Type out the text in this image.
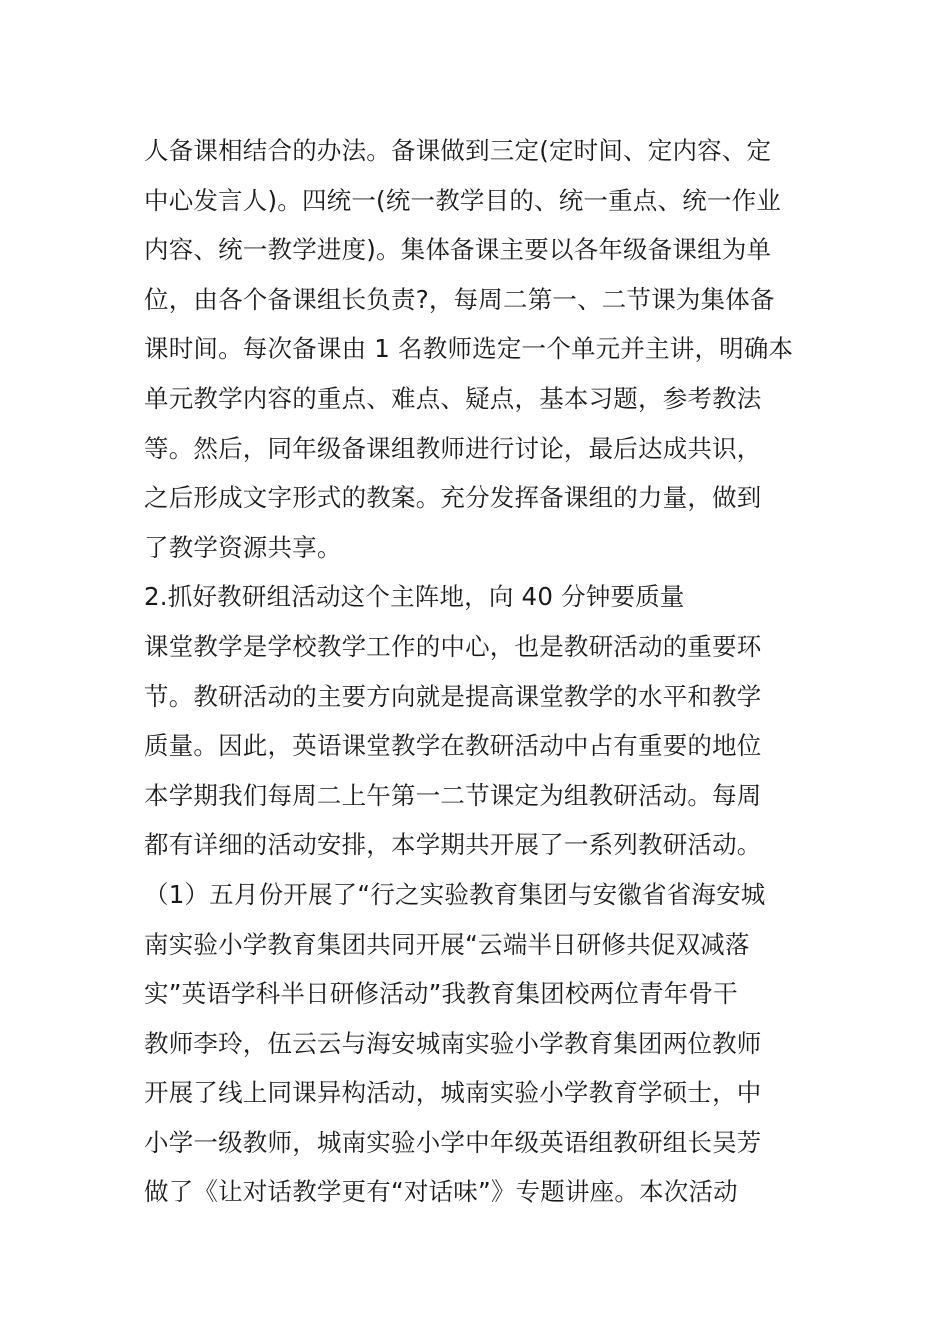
人备课相结合的办法。备课做到三定(定时间、定内容、定
中心发言人)。四统一(统一教学目的、统一重点、统一作业
内容、统一教学进度)。集体备课主要以各年级备课组为单
位，由各个备课组长负责?，每周二第一、二节课为集体备
课时间。每次备课由 1 名教师选定一个单元并主讲，明确本
单元教学内容的重点、难点、疑点，基本习题，参考教法
等。然后，同年级备课组教师进行讨论，最后达成共识，
之后形成文字形式的教案。充分发挥备课组的力量，做到
了教学资源共享。
2.抓好教研组活动这个主阵地，向 40 分钟要质量
课堂教学是学校教学工作的中心，也是教研活动的重要环
节。教研活动的主要方向就是提高课堂教学的水平和教学
质量。因此，英语课堂教学在教研活动中占有重要的地位
本学期我们每周二上午第一二节课定为组教研活动。每周
都有详细的活动安排，本学期共开展了一系列教研活动。
（1）五月份开展了“行之实验教育集团与安徽省省海安城
南实验小学教育集团共同开展“云端半日研修共促双减落
实”英语学科半日研修活动”我教育集团校两位青年骨干
教师李玲，伍云云与海安城南实验小学教育集团两位教师
开展了线上同课异构活动，城南实验小学教育学硕士，中
小学一级教师，城南实验小学中年级英语组教研组长吴芳
做了《让对话教学更有“对话味”》专题讲座。本次活动
